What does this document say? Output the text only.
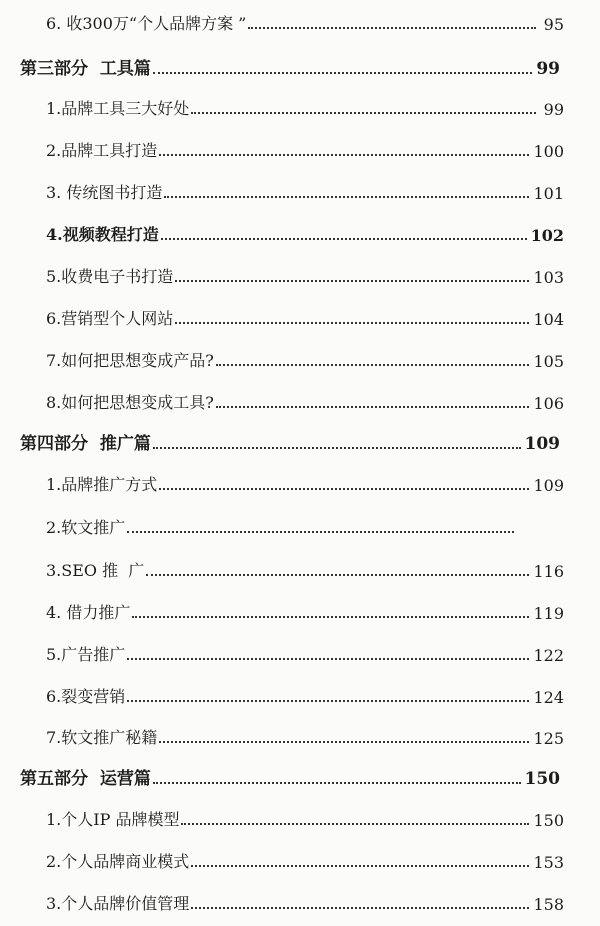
6. 收300万“个人品牌方案 ”	95
第三部分  工具篇	99
1.品牌工具三大好处	99
2.品牌工具打造	100
3. 传统图书打造	101
4.视频教程打造	102
5.收费电子书打造	103
6.营销型个人网站	104
7.如何把思想变成产品?	105
8.如何把思想变成工具?	106
第四部分  推广篇	109
1.品牌推广方式	109
2.软文推广
3.SEO 推  广	116
4. 借力推广	119
5.广告推广	122
6.裂变营销	124
7.软文推广秘籍	125
第五部分  运营篇	150
1.个人IP 品牌模型	150
2.个人品牌商业模式	153
3.个人品牌价值管理	158
